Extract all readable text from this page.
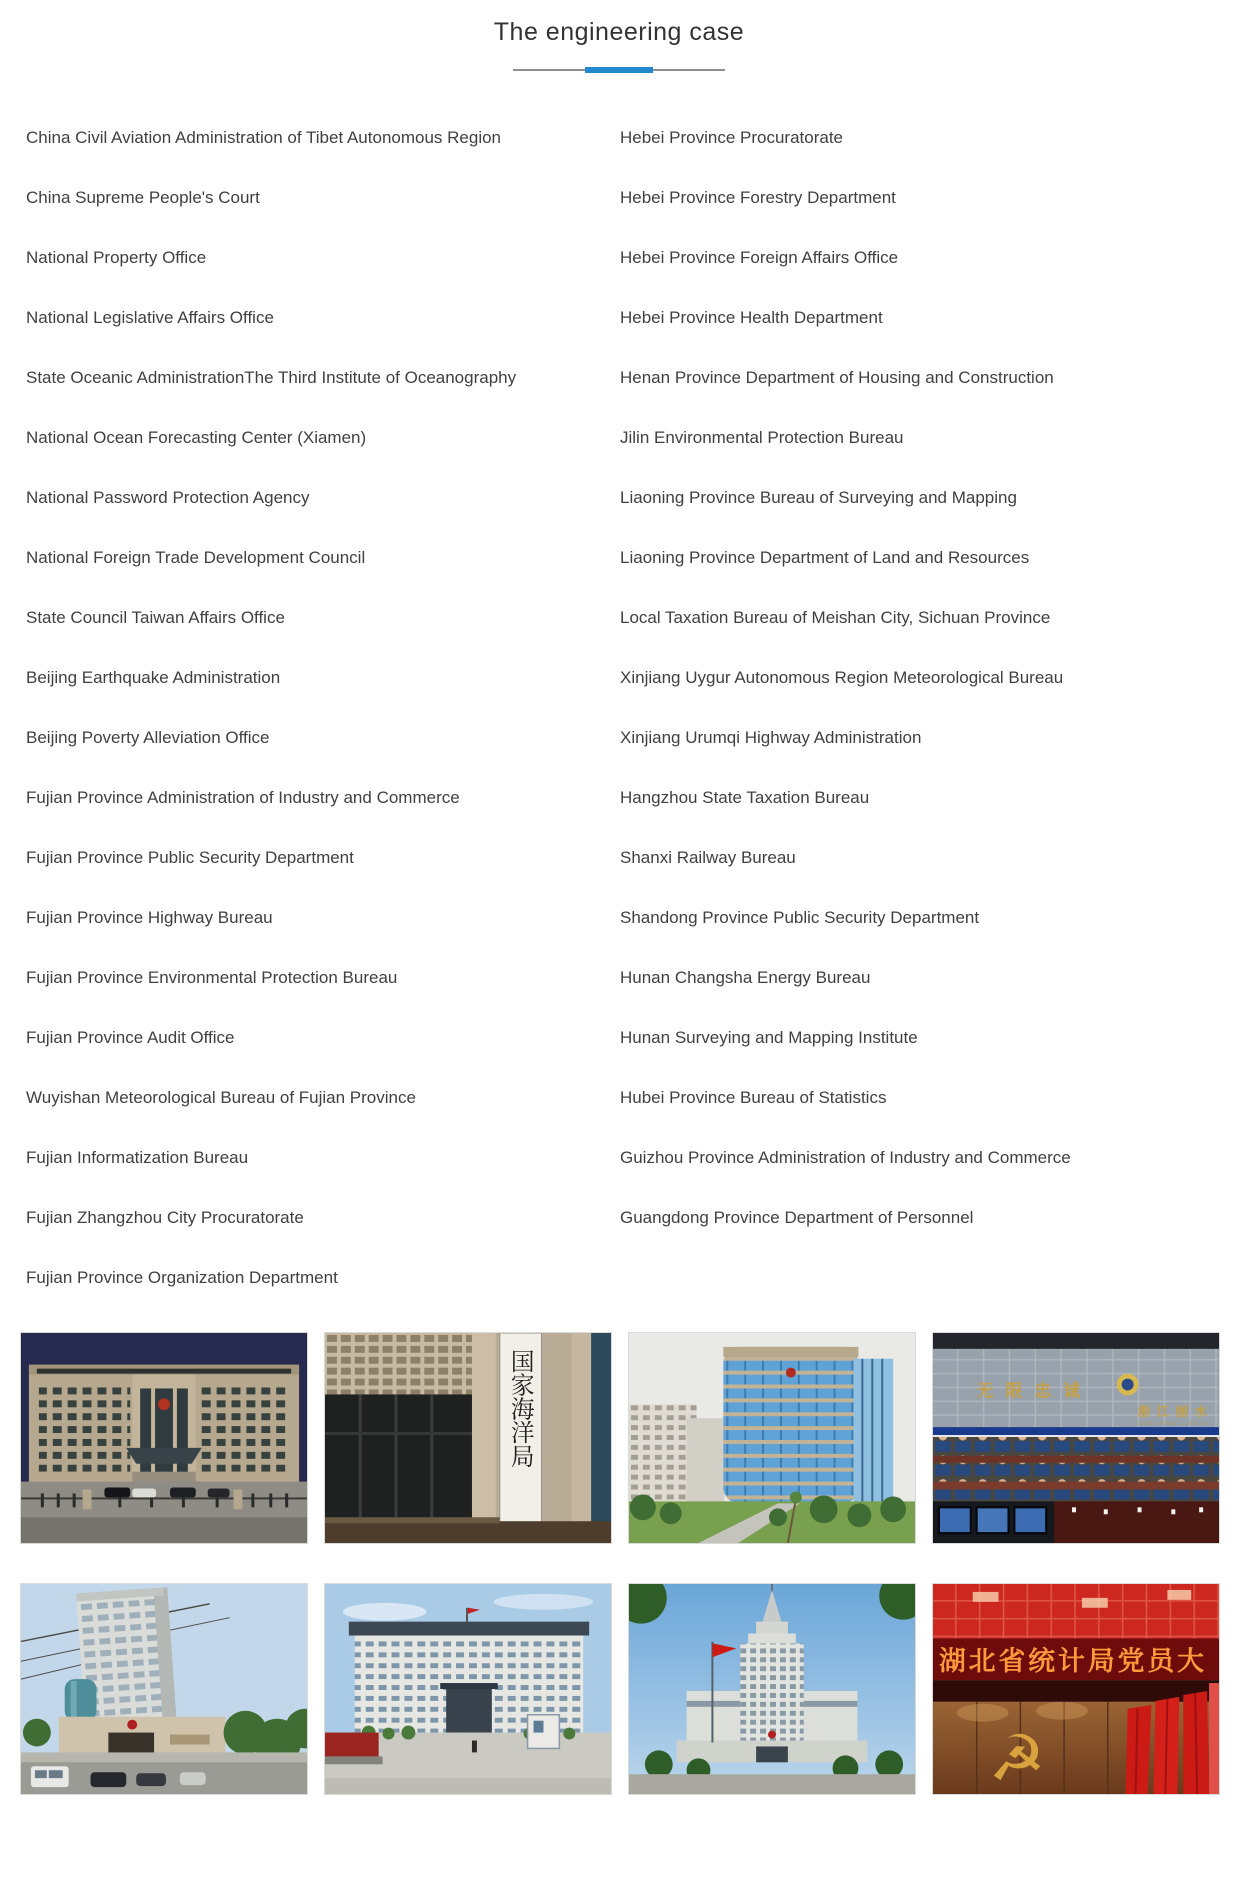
The engineering case
China Civil Aviation Administration of Tibet Autonomous Region
China Supreme People's Court
National Property Office
National Legislative Affairs Office
State Oceanic AdministrationThe Third Institute of Oceanography
National Ocean Forecasting Center (Xiamen)
National Password Protection Agency
National Foreign Trade Development Council
State Council Taiwan Affairs Office
Beijing Earthquake Administration
Beijing Poverty Alleviation Office
Fujian Province Administration of Industry and Commerce
Fujian Province Public Security Department
Fujian Province Highway Bureau
Fujian Province Environmental Protection Bureau
Fujian Province Audit Office
Wuyishan Meteorological Bureau of Fujian Province
Fujian Informatization Bureau
Fujian Zhangzhou City Procuratorate
Fujian Province Organization Department
Hebei Province Procuratorate
Hebei Province Forestry Department
Hebei Province Foreign Affairs Office
Hebei Province Health Department
Henan Province Department of Housing and Construction
Jilin Environmental Protection Bureau
Liaoning Province Bureau of Surveying and Mapping
Liaoning Province Department of Land and Resources
Local Taxation Bureau of Meishan City, Sichuan Province
Xinjiang Uygur Autonomous Region Meteorological Bureau
Xinjiang Urumqi Highway Administration
Hangzhou State Taxation Bureau
Shanxi Railway Bureau
Shandong Province Public Security Department
Hunan Changsha Energy Bureau
Hunan Surveying and Mapping Institute
Hubei Province Bureau of Statistics
Guizhou Province Administration of Industry and Commerce
Guangdong Province Department of Personnel
国家海洋局	无限忠诚
浙江丽水
ZHEJIANG LISHUI
湖北省统计局党员大
☭
